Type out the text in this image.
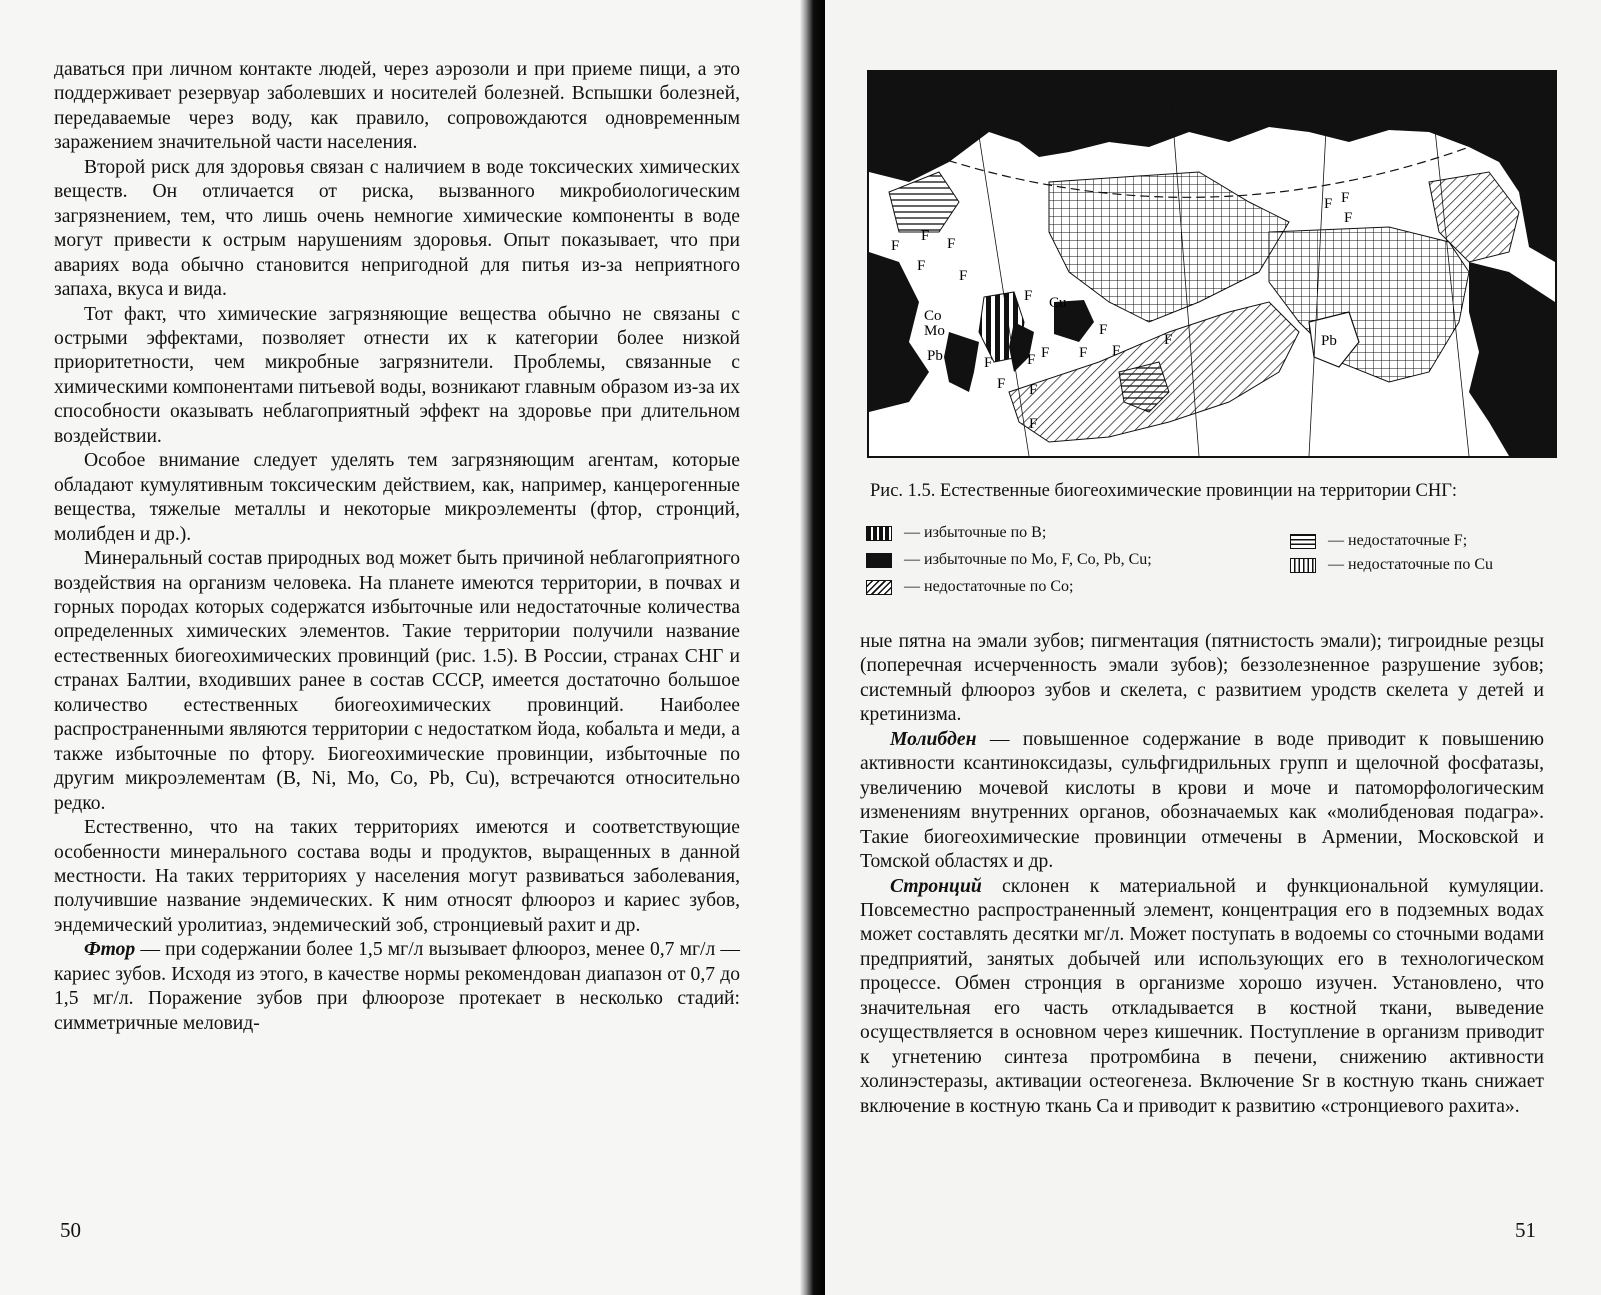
даваться при личном контакте людей, через аэрозоли и при приеме пищи, а это поддерживает резервуар заболевших и носителей болезней. Вспышки болезней, передаваемые через воду, как правило, сопровождаются одновременным заражением значительной части населения.

Второй риск для здоровья связан с наличием в воде токсических химических веществ. Он отличается от риска, вызванного микробиологическим загрязнением, тем, что лишь очень немногие химические компоненты в воде могут привести к острым нарушениям здоровья. Опыт показывает, что при авариях вода обычно становится непригодной для питья из-за неприятного запаха, вкуса и вида.

Тот факт, что химические загрязняющие вещества обычно не связаны с острыми эффектами, позволяет отнести их к категории более низкой приоритетности, чем микробные загрязнители. Проблемы, связанные с химическими компонентами питьевой воды, возникают главным образом из-за их способности оказывать неблагоприятный эффект на здоровье при длительном воздействии.

Особое внимание следует уделять тем загрязняющим агентам, которые обладают кумулятивным токсическим действием, как, например, канцерогенные вещества, тяжелые металлы и некоторые микроэлементы (фтор, стронций, молибден и др.).

Минеральный состав природных вод может быть причиной неблагоприятного воздействия на организм человека. На планете имеются территории, в почвах и горных породах которых содержатся избыточные или недостаточные количества определенных химических элементов. Такие территории получили название естественных биогеохимических провинций (рис. 1.5). В России, странах СНГ и странах Балтии, входивших ранее в состав СССР, имеется достаточно большое количество естественных биогеохимических провинций. Наиболее распространенными являются территории с недостатком йода, кобальта и меди, а также избыточные по фтору. Биогеохимические провинции, избыточные по другим микроэлементам (B, Ni, Mo, Co, Pb, Cu), встречаются относительно редко.

Естественно, что на таких территориях имеются и соответствующие особенности минерального состава воды и продуктов, выращенных в данной местности. На таких территориях у населения могут развиваться заболевания, получившие название эндемических. К ним относят флюороз и кариес зубов, эндемический уролитиаз, эндемический зоб, стронциевый рахит и др.

Фтор — при содержании более 1,5 мг/л вызывает флюороз, менее 0,7 мг/л — кариес зубов. Исходя из этого, в качестве нормы рекомендован диапазон от 0,7 до 1,5 мг/л. Поражение зубов при флюорозе протекает в несколько стадий: симметричные меловид-

50
F
F F
F
F
F Cu
F
F
F
F F
F	F F
F
F
F F
F
Co
Mo
Pb
Pb
Рис. 1.5. Естественные биогеохимические провинции на территории СНГ:
— избыточные по B;
— избыточные по Mo, F, Co, Pb, Cu;
— недостаточные по Co;
— недостаточные F;
— недостаточные по Cu

ные пятна на эмали зубов; пигментация (пятнистость эмали); тигроидные резцы (поперечная исчерченность эмали зубов); беззолезненное разрушение зубов; системный флюороз зубов и скелета, с развитием уродств скелета у детей и кретинизма.

Молибден — повышенное содержание в воде приводит к повышению активности ксантиноксидазы, сульфгидрильных групп и щелочной фосфатазы, увеличению мочевой кислоты в крови и моче и патоморфологическим изменениям внутренних органов, обозначаемых как «молибденовая подагра». Такие биогеохимические провинции отмечены в Армении, Московской и Томской областях и др.

Стронций склонен к материальной и функциональной кумуляции. Повсеместно распространенный элемент, концентрация его в подземных водах может составлять десятки мг/л. Может поступать в водоемы со сточными водами предприятий, занятых добычей или использующих его в технологическом процессе. Обмен стронция в организме хорошо изучен. Установлено, что значительная его часть откладывается в костной ткани, выведение осуществляется в основном через кишечник. Поступление в организм приводит к угнетению синтеза протромбина в печени, снижению активности холинэстеразы, активации остеогенеза. Включение Sr в костную ткань снижает включение в костную ткань Ca и приводит к развитию «стронциевого рахита».

51
